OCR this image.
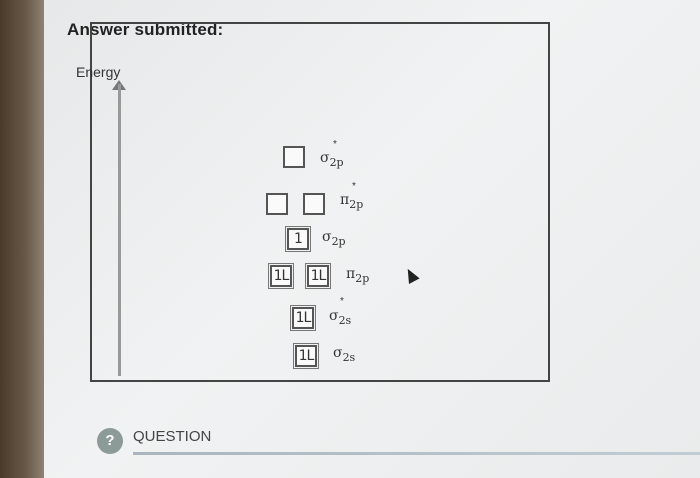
Answer submitted:
Energy
*
$\sigma_{2p}$
*
$\pi_{2p}$
1	$\sigma_{2p}$
1L 1L $\pi_{2p}$
1L
*
$\sigma_{2s}$
1L $\sigma_{2s}$
?	QUESTION
